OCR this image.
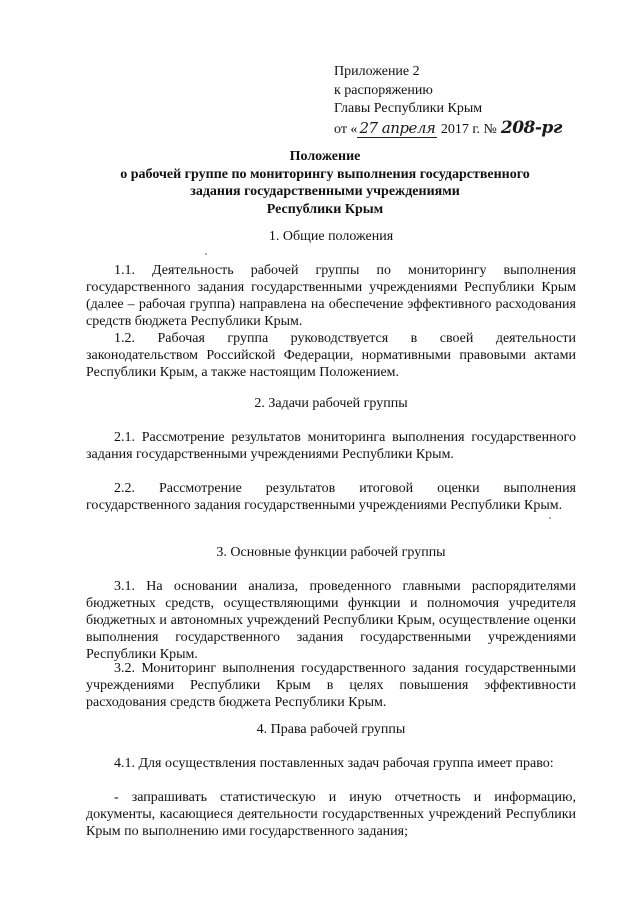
Приложение 2
к распоряжению
Главы Республики Крым
от « 27 апреля 2017 г. № 208-рг
Положение
о рабочей группе по мониторингу выполнения государственного
задания государственными учреждениями
Республики Крым
1. Общие положения
1.1. Деятельность рабочей группы по мониторингу выполнения государственного задания государственными учреждениями Республики Крым (далее – рабочая группа) направлена на обеспечение эффективного расходования средств бюджета Республики Крым.
1.2. Рабочая группа руководствуется в своей деятельности законодательством Российской Федерации, нормативными правовыми актами Республики Крым, а также настоящим Положением.
2. Задачи рабочей группы
2.1. Рассмотрение результатов мониторинга выполнения государственного задания государственными учреждениями Республики Крым.
2.2. Рассмотрение результатов итоговой оценки выполнения государственного задания государственными учреждениями Республики Крым.
3. Основные функции рабочей группы
3.1. На основании анализа, проведенного главными распорядителями бюджетных средств, осуществляющими функции и полномочия учредителя бюджетных и автономных учреждений Республики Крым, осуществление оценки выполнения государственного задания государственными учреждениями Республики Крым.
3.2. Мониторинг выполнения государственного задания государственными учреждениями Республики Крым в целях повышения эффективности расходования средств бюджета Республики Крым.
4. Права рабочей группы
4.1. Для осуществления поставленных задач рабочая группа имеет право:
- запрашивать статистическую и иную отчетность и информацию, документы, касающиеся деятельности государственных учреждений Республики Крым по выполнению ими государственного задания;
